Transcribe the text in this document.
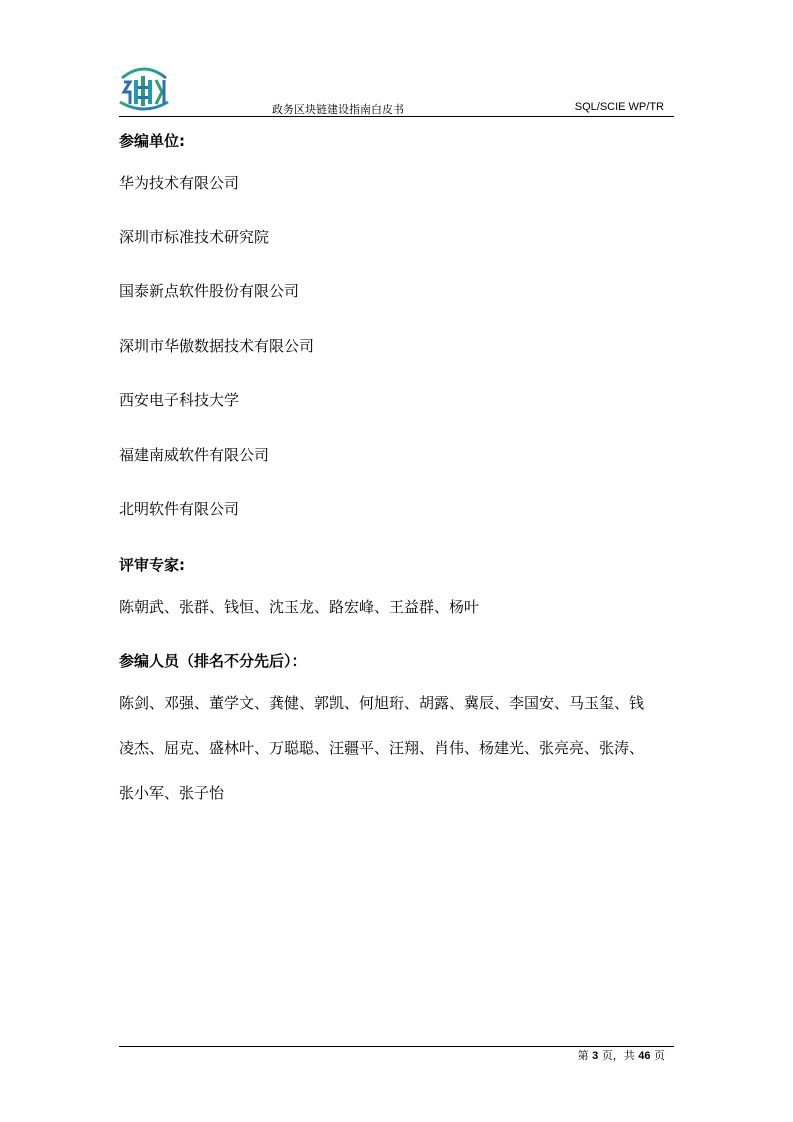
政务区块链建设指南白皮书	SQL/SCIE WP/TR
参编单位:
华为技术有限公司
深圳市标准技术研究院
国泰新点软件股份有限公司
深圳市华傲数据技术有限公司
西安电子科技大学
福建南威软件有限公司
北明软件有限公司
评审专家:

陈朝武、张群、钱恒、沈玉龙、路宏峰、王益群、杨叶

参编人员（排名不分先后）：

陈剑、邓强、董学文、龚健、郭凯、何旭珩、胡露、冀辰、李国安、马玉玺、钱

凌杰、屈克、盛林叶、万聪聪、汪疆平、汪翔、肖伟、杨建光、张亮亮、张涛、

张小军、张子怡

第 3 页，共 46 页
